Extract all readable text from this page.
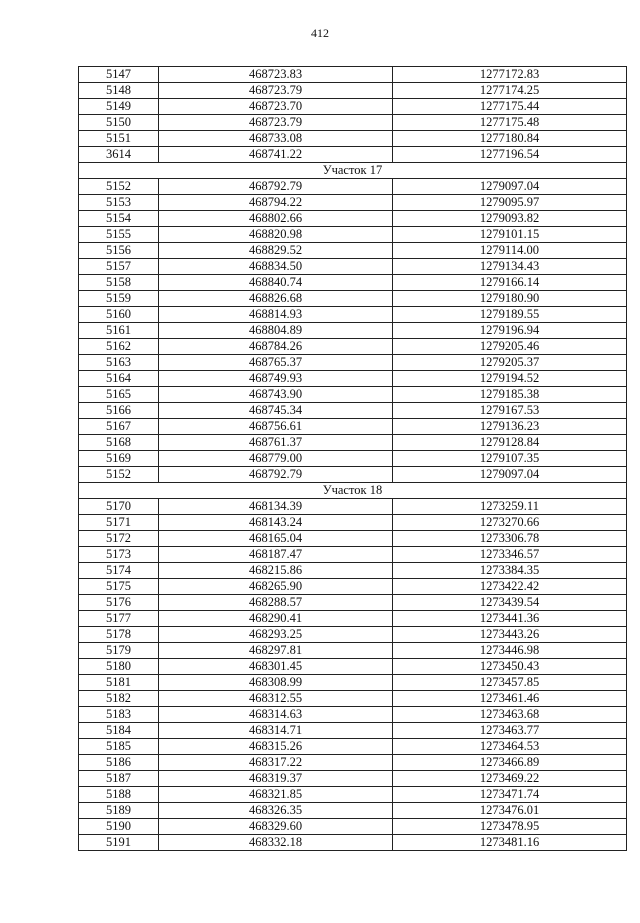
412
5147	468723.83	1277172.83
5148	468723.79	1277174.25
5149	468723.70	1277175.44
5150	468723.79	1277175.48
5151	468733.08	1277180.84
3614	468741.22	1277196.54
Участок 17		
5152	468792.79	1279097.04
5153	468794.22	1279095.97
5154	468802.66	1279093.82
5155	468820.98	1279101.15
5156	468829.52	1279114.00
5157	468834.50	1279134.43
5158	468840.74	1279166.14
5159	468826.68	1279180.90
5160	468814.93	1279189.55
5161	468804.89	1279196.94
5162	468784.26	1279205.46
5163	468765.37	1279205.37
5164	468749.93	1279194.52
5165	468743.90	1279185.38
5166	468745.34	1279167.53
5167	468756.61	1279136.23
5168	468761.37	1279128.84
5169	468779.00	1279107.35
5152	468792.79	1279097.04
Участок 18		
5170	468134.39	1273259.11
5171	468143.24	1273270.66
5172	468165.04	1273306.78
5173	468187.47	1273346.57
5174	468215.86	1273384.35
5175	468265.90	1273422.42
5176	468288.57	1273439.54
5177	468290.41	1273441.36
5178	468293.25	1273443.26
5179	468297.81	1273446.98
5180	468301.45	1273450.43
5181	468308.99	1273457.85
5182	468312.55	1273461.46
5183	468314.63	1273463.68
5184	468314.71	1273463.77
5185	468315.26	1273464.53
5186	468317.22	1273466.89
5187	468319.37	1273469.22
5188	468321.85	1273471.74
5189	468326.35	1273476.01
5190	468329.60	1273478.95
5191	468332.18	1273481.16
